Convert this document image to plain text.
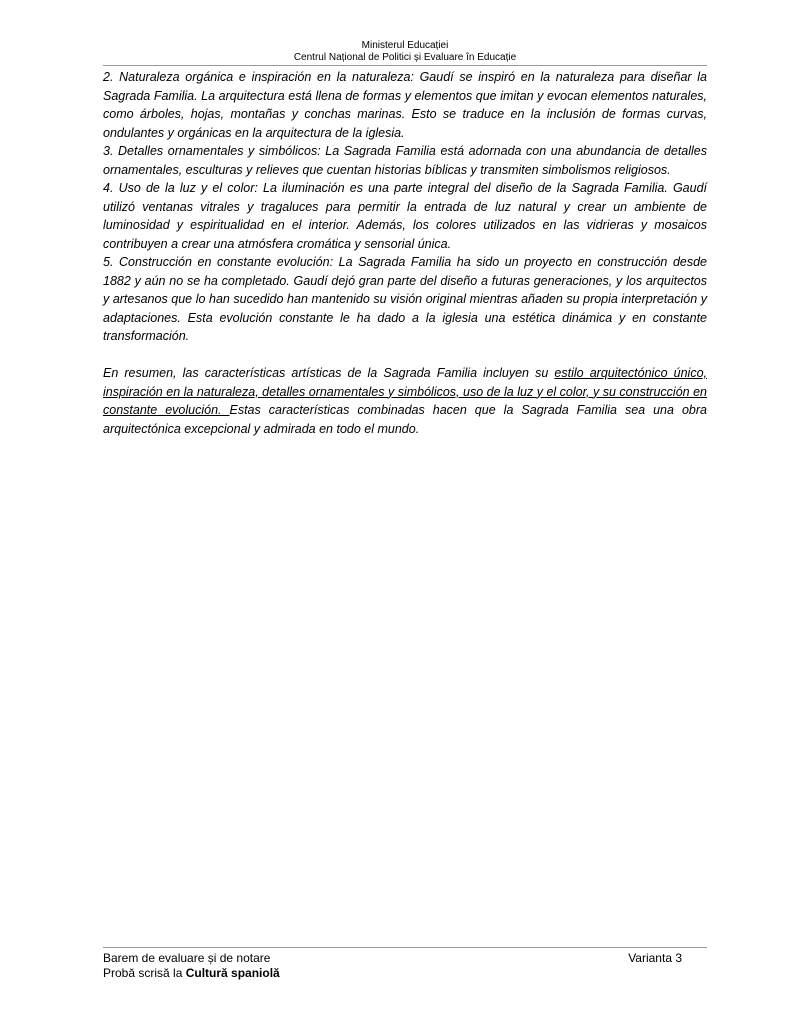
Ministerul Educației
Centrul Național de Politici și Evaluare în Educație

2. Naturaleza orgánica e inspiración en la naturaleza: Gaudí se inspiró en la naturaleza para diseñar la Sagrada Familia. La arquitectura está llena de formas y elementos que imitan y evocan elementos naturales, como árboles, hojas, montañas y conchas marinas. Esto se traduce en la inclusión de formas curvas, ondulantes y orgánicas en la arquitectura de la iglesia.

3. Detalles ornamentales y simbólicos: La Sagrada Familia está adornada con una abundancia de detalles ornamentales, esculturas y relieves que cuentan historias bíblicas y transmiten simbolismos religiosos.

4. Uso de la luz y el color: La iluminación es una parte integral del diseño de la Sagrada Familia. Gaudí utilizó ventanas vitrales y tragaluces para permitir la entrada de luz natural y crear un ambiente de luminosidad y espiritualidad en el interior. Además, los colores utilizados en las vidrieras y mosaicos contribuyen a crear una atmósfera cromática y sensorial única.

5. Construcción en constante evolución: La Sagrada Familia ha sido un proyecto en construcción desde 1882 y aún no se ha completado. Gaudí dejó gran parte del diseño a futuras generaciones, y los arquitectos y artesanos que lo han sucedido han mantenido su visión original mientras añaden su propia interpretación y adaptaciones. Esta evolución constante le ha dado a la iglesia una estética dinámica y en constante transformación.

En resumen, las características artísticas de la Sagrada Familia incluyen su estilo arquitectónico único, inspiración en la naturaleza, detalles ornamentales y simbólicos, uso de la luz y el color, y su construcción en constante evolución. Estas características combinadas hacen que la Sagrada Familia sea una obra arquitectónica excepcional y admirada en todo el mundo.

Barem de evaluare și de notare
Probă scrisă la Cultură spaniolă
Varianta 3
